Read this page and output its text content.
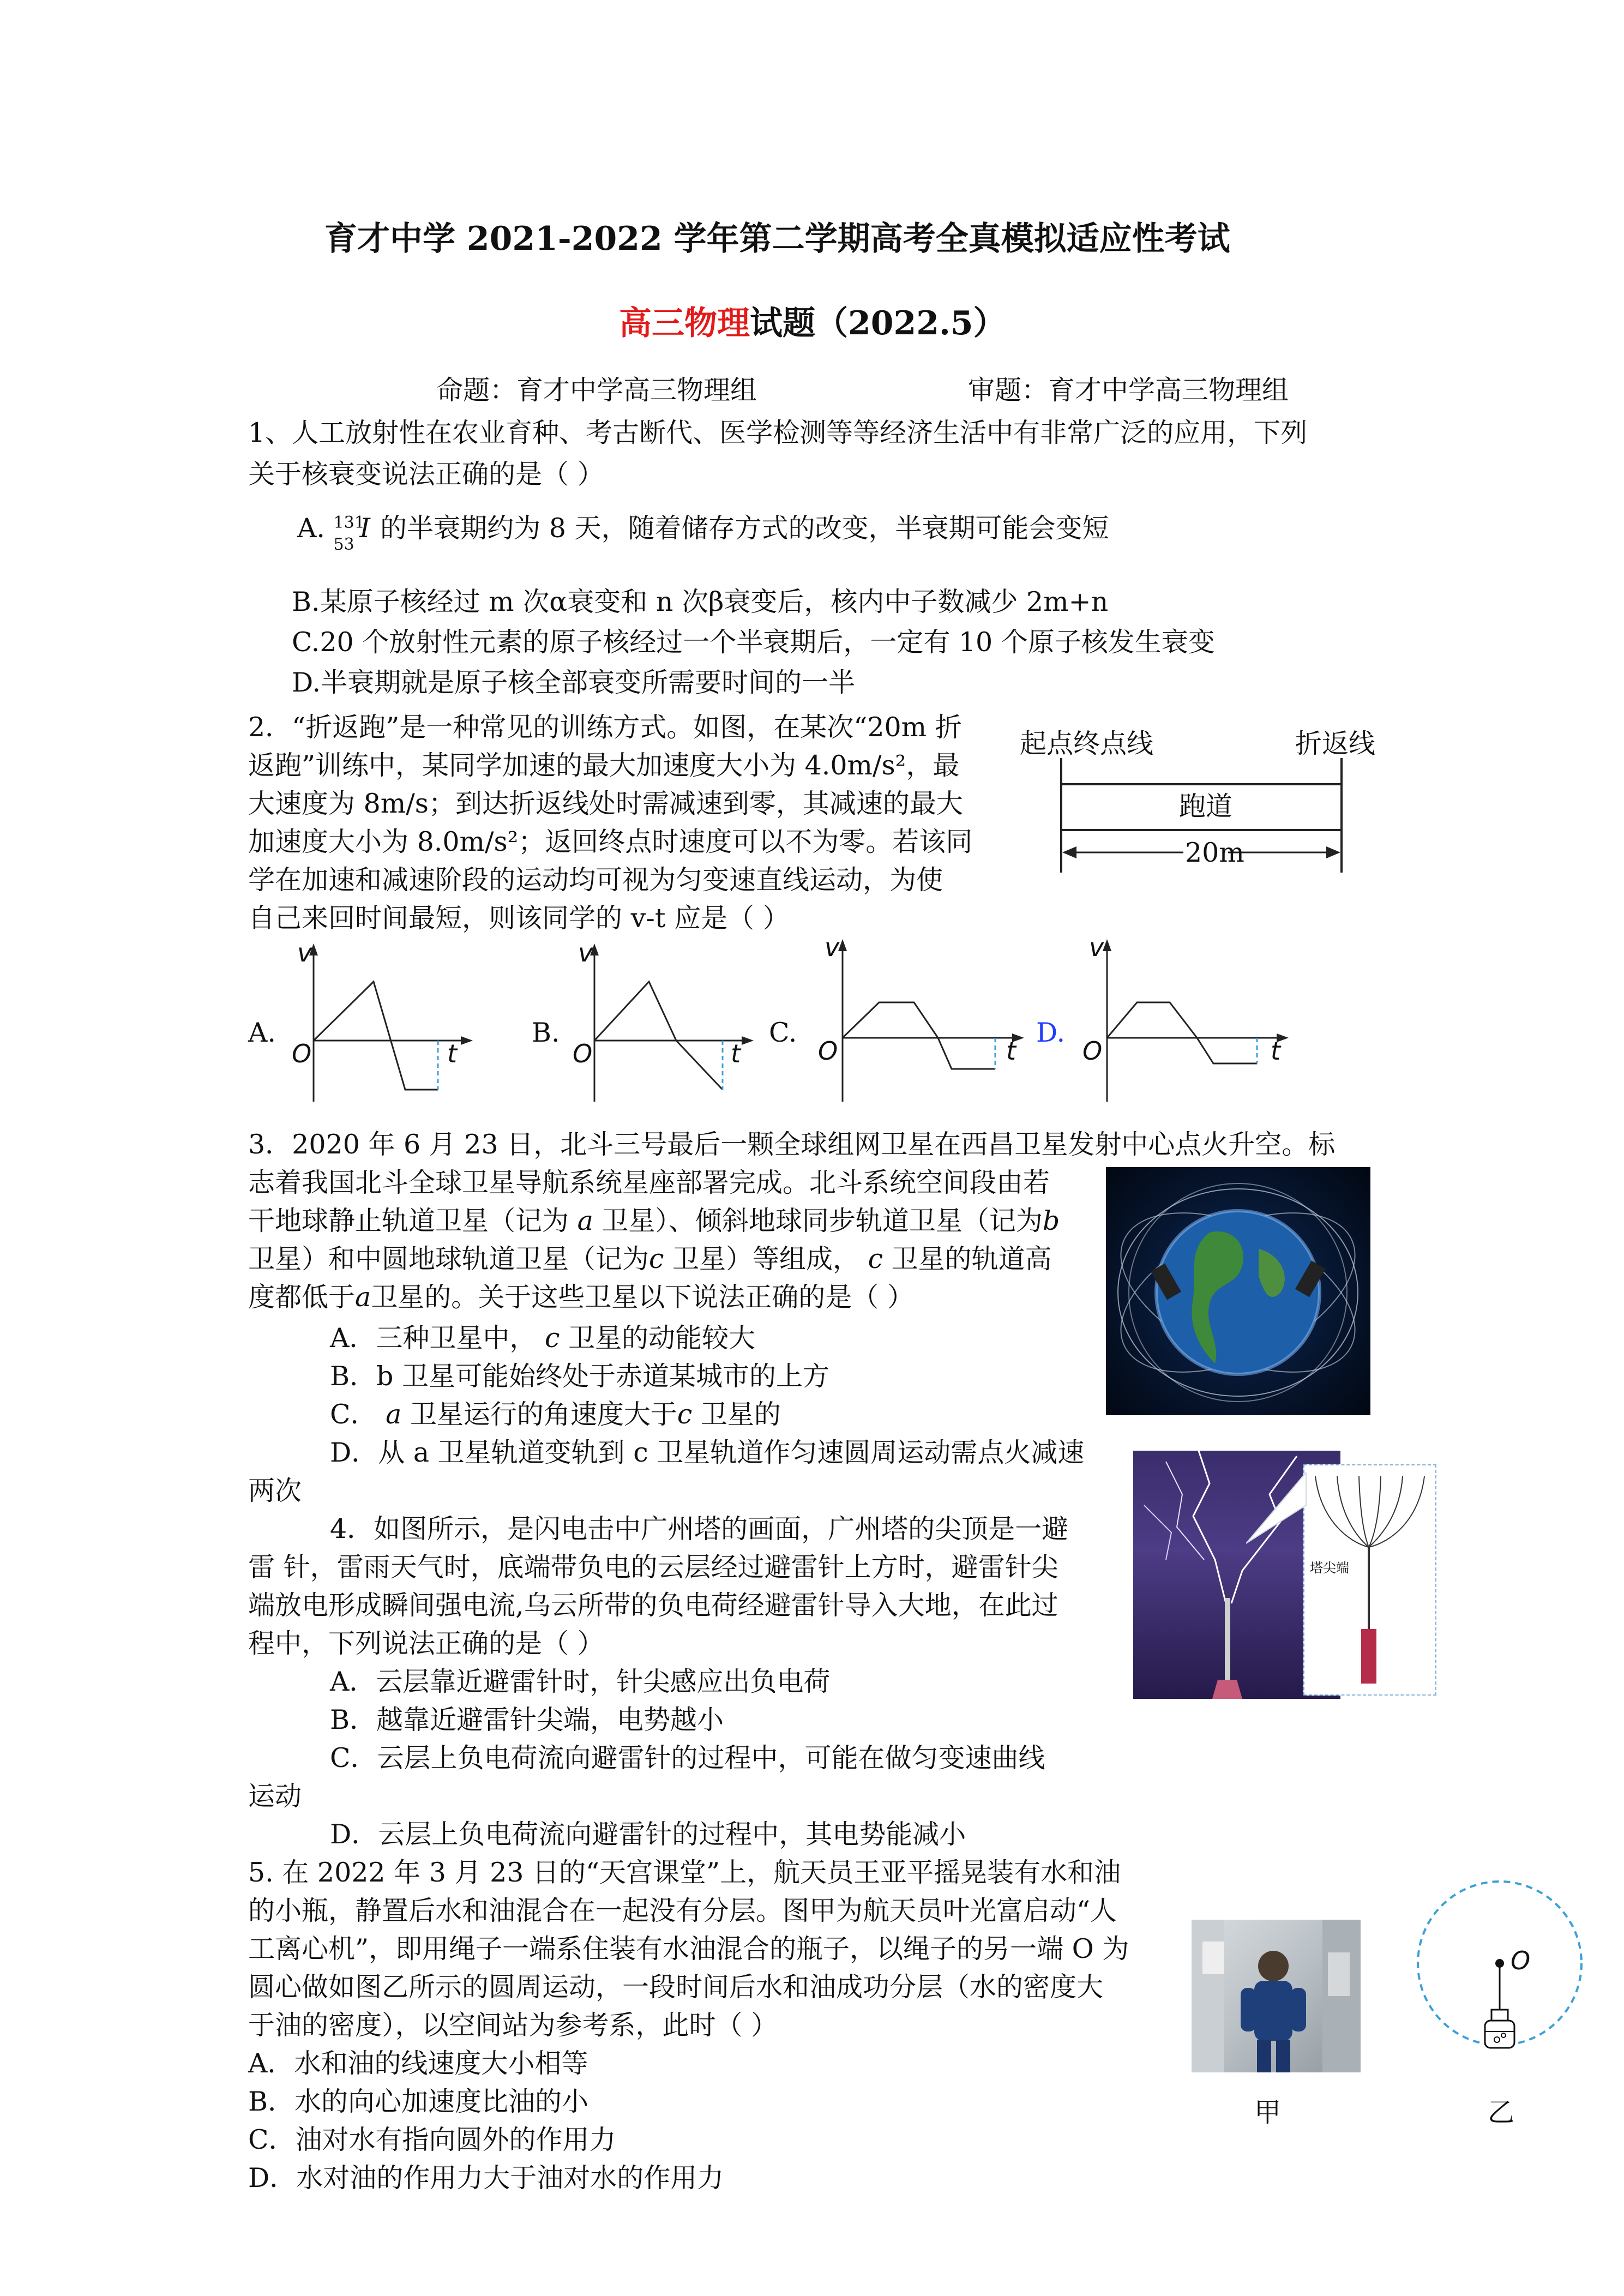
育才中学 2021-2022 学年第二学期高考全真模拟适应性考试
高三物理试题（2022.5）
命题：育才中学高三物理组	审题：育才中学高三物理组
1、人工放射性在农业育种、考古断代、医学检测等等经济生活中有非常广泛的应用，下列
关于核衰变说法正确的是（ ）
A. 131
53
I 的半衰期约为 8 天，随着储存方式的改变，半衰期可能会变短
B.某原子核经过 m 次α衰变和 n 次β衰变后，核内中子数减少 2m+n
C.20 个放射性元素的原子核经过一个半衰期后，一定有 10 个原子核发生衰变
D.半衰期就是原子核全部衰变所需要时间的一半
2．“折返跑”是一种常见的训练方式。如图，在某次“20m 折
返跑”训练中，某同学加速的最大加速度大小为 4.0m/s²，最
大速度为 8m/s；到达折返线处时需减速到零，其减速的最大
加速度大小为 8.0m/s²；返回终点时速度可以不为零。若该同
学在加速和减速阶段的运动均可视为匀变速直线运动，为使
自己来回时间最短，则该同学的 v-t 应是（ ）
起点终点线	折返线
跑道
20m
A.	B.	C.	D.
v
O	t
v
O	t
v
O	t
v
O	t
3．2020 年 6 月 23 日，北斗三号最后一颗全球组网卫星在西昌卫星发射中心点火升空。标
志着我国北斗全球卫星导航系统星座部署完成。北斗系统空间段由若
干地球静止轨道卫星（记为 a 卫星）、倾斜地球同步轨道卫星（记为b
卫星）和中圆地球轨道卫星（记为c 卫星）等组成， c 卫星的轨道高
度都低于a卫星的。关于这些卫星以下说法正确的是（ ）
A．三种卫星中， c 卫星的动能较大
B．b 卫星可能始终处于赤道某城市的上方
C． a 卫星运行的角速度大于c 卫星的
D．从 a 卫星轨道变轨到 c 卫星轨道作匀速圆周运动需点火减速
两次
4．如图所示，是闪电击中广州塔的画面，广州塔的尖顶是一避
雷 针，雷雨天气时，底端带负电的云层经过避雷针上方时，避雷针尖
端放电形成瞬间强电流,乌云所带的负电荷经避雷针导入大地，在此过
程中，下列说法正确的是（ ）
A．云层靠近避雷针时，针尖感应出负电荷
B．越靠近避雷针尖端，电势越小
C．云层上负电荷流向避雷针的过程中，可能在做匀变速曲线
运动
D．云层上负电荷流向避雷针的过程中，其电势能减小
塔尖端
5. 在 2022 年 3 月 23 日的“天宫课堂”上，航天员王亚平摇晃装有水和油
的小瓶，静置后水和油混合在一起没有分层。图甲为航天员叶光富启动“人
工离心机”，即用绳子一端系住装有水油混合的瓶子，以绳子的另一端 O 为
圆心做如图乙所示的圆周运动，一段时间后水和油成功分层（水的密度大
于油的密度），以空间站为参考系，此时（ ）
A．水和油的线速度大小相等
B．水的向心加速度比油的小
C．油对水有指向圆外的作用力
D．水对油的作用力大于油对水的作用力
甲
O
乙
